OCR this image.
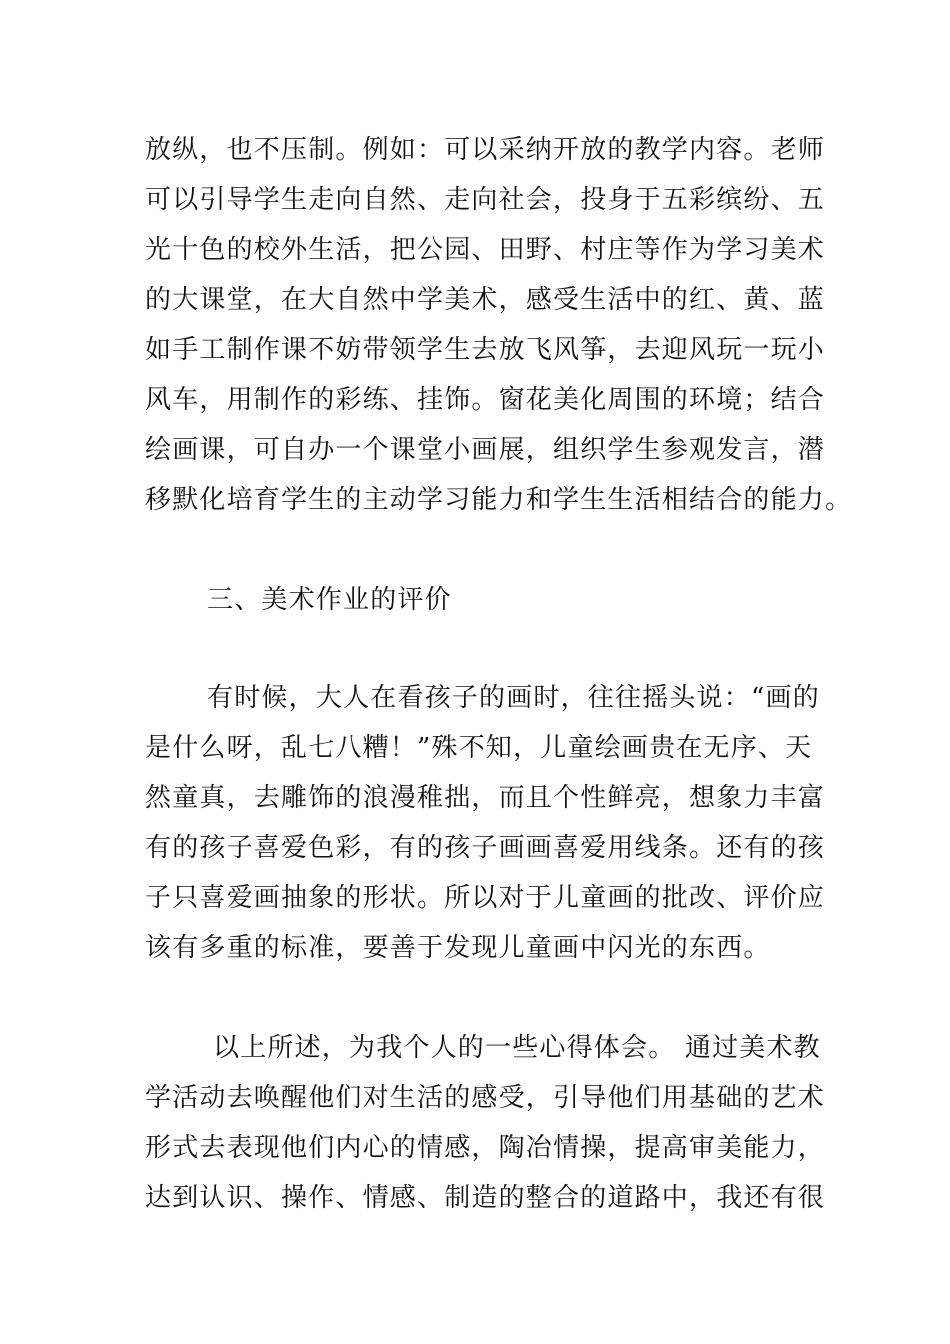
放纵，也不压制。例如：可以采纳开放的教学内容。老师
可以引导学生走向自然、走向社会，投身于五彩缤纷、五
光十色的校外生活，把公园、田野、村庄等作为学习美术
的大课堂，在大自然中学美术，感受生活中的红、黄、蓝
如手工制作课不妨带领学生去放飞风筝，去迎风玩一玩小
风车，用制作的彩练、挂饰。窗花美化周围的环境；结合
绘画课，可自办一个课堂小画展，组织学生参观发言，潜
移默化培育学生的主动学习能力和学生生活相结合的能力。
三、美术作业的评价
有时候，大人在看孩子的画时，往往摇头说：“画的
是什么呀，乱七八糟！”殊不知，儿童绘画贵在无序、天
然童真，去雕饰的浪漫稚拙，而且个性鲜亮，想象力丰富
有的孩子喜爱色彩，有的孩子画画喜爱用线条。还有的孩
子只喜爱画抽象的形状。所以对于儿童画的批改、评价应
该有多重的标准，要善于发现儿童画中闪光的东西。
以上所述，为我个人的一些心得体会。 通过美术教
学活动去唤醒他们对生活的感受，引导他们用基础的艺术
形式去表现他们内心的情感，陶冶情操，提高审美能力，
达到认识、操作、情感、制造的整合的道路中，我还有很
